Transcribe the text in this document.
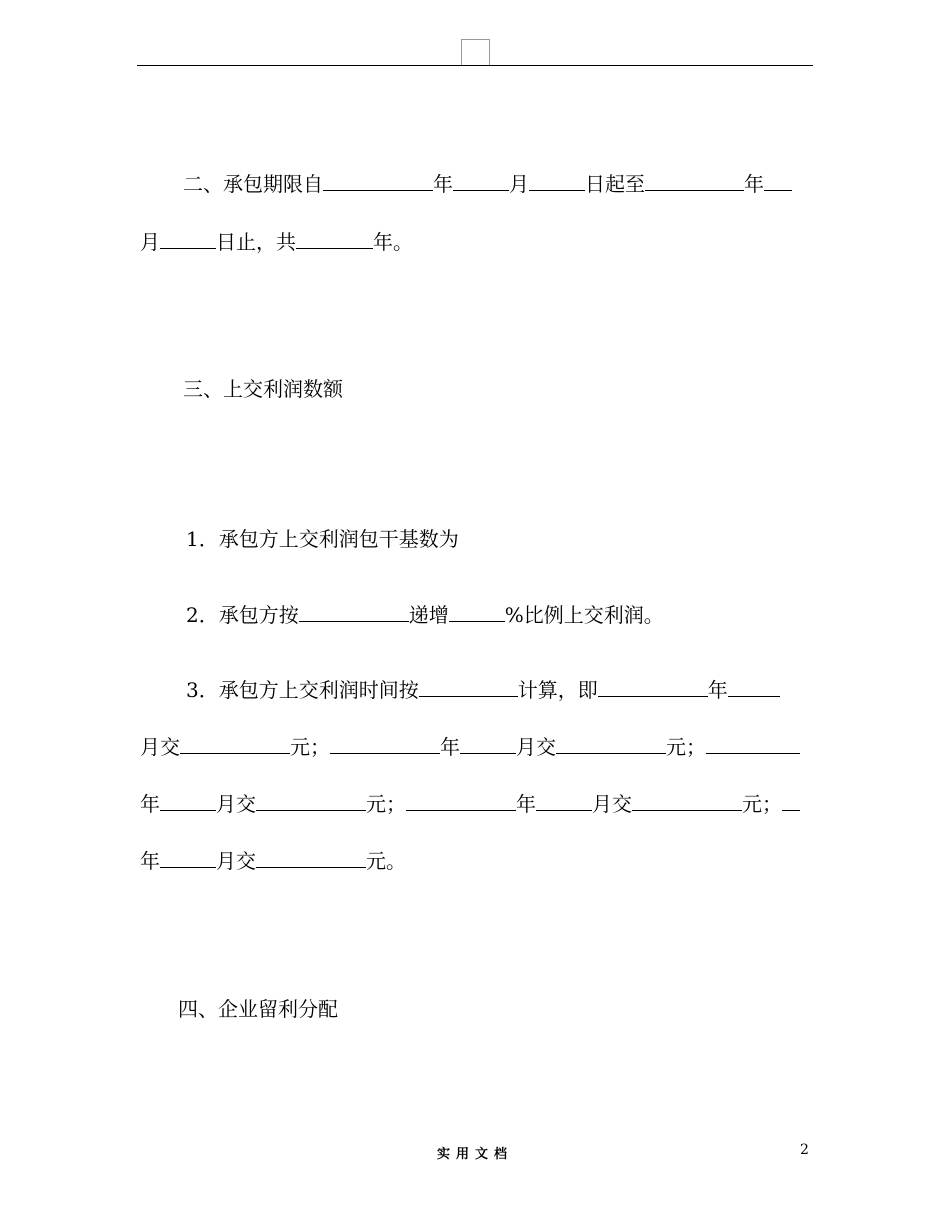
二、承包期限自	年	月	日起至	年
月	日止，共	年。
三、上交利润数额
1．承包方上交利润包干基数为
2．承包方按	递增	%比例上交利润。
3．承包方上交利润时间按	计算，即	年
月交	元；	年	月交	元；
年	月交	元；	年	月交	元；
年	月交	元。
四、企业留利分配
实用文档	2
